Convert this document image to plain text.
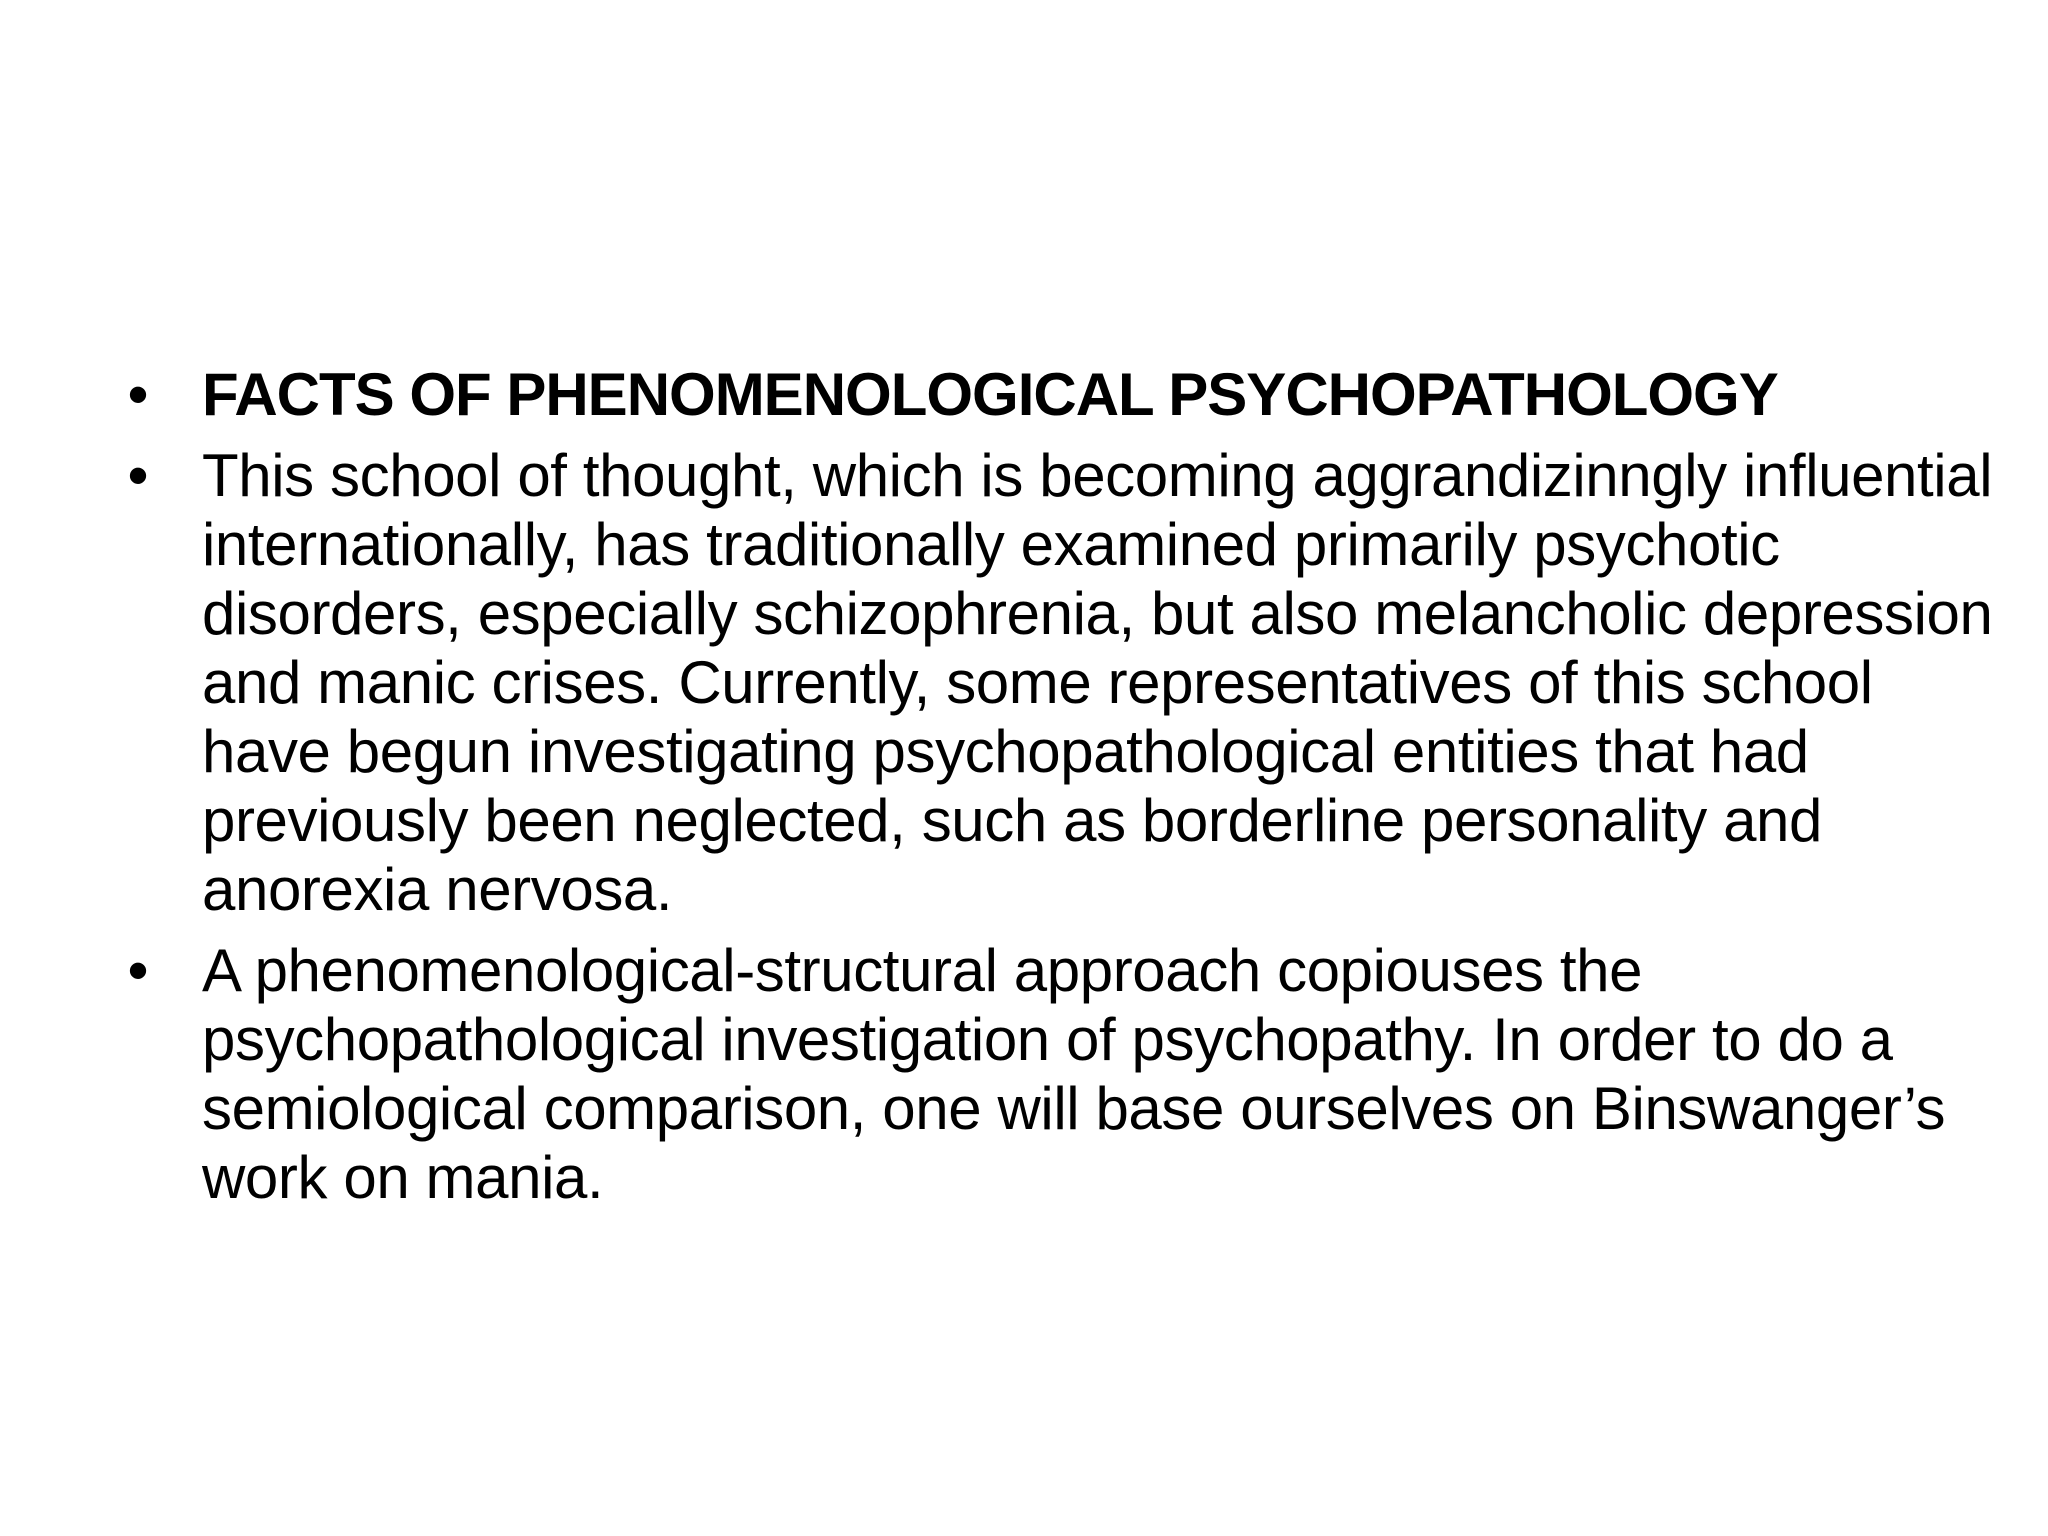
• FACTS OF PHENOMENOLOGICAL PSYCHOPATHOLOGY
• This school of thought, which is becoming aggrandizinngly influential internationally, has traditionally examined primarily psychotic disorders, especially schizophrenia, but also melancholic depression and manic crises. Currently, some representatives of this school have begun investigating psychopathological entities that had previously been neglected, such as borderline personality and anorexia nervosa.
• A phenomenological-structural approach copiouses the psychopathological investigation of psychopathy. In order to do a semiological comparison, one will base ourselves on Binswanger’s work on mania.
